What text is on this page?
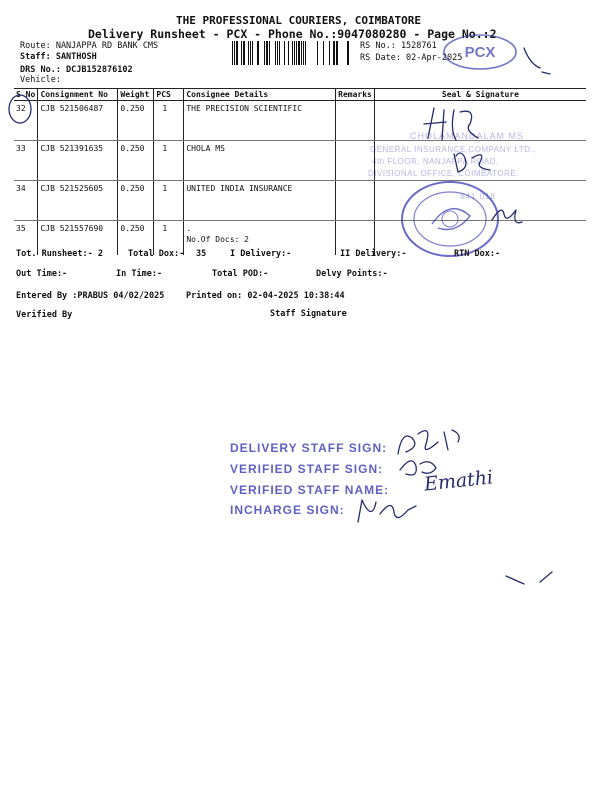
THE PROFESSIONAL COURIERS, COIMBATORE
Delivery Runsheet - PCX - Phone No.:9047080280 - Page No.:2
Route: NANJAPPA RD BANK CMS
Staff: SANTHOSH
DRS No.: DCJB152876102
Vehicle:
RS No.: 1528761
RS Date: 02-Apr-2025 PCX
S No	Consignment No	Weight	PCS	Consignee Details	Remarks	Seal & Signature
32	CJB 521506487	0.250	1	THE PRECISION SCIENTIFIC		
33	CJB 521391635	0.250	1	CHOLA MS		
34	CJB 521525605	0.250	1	UNITED INDIA INSURANCE		
35	CJB 521557690	0.250	1	.
No.Of Docs: 2		

CHOLAMANDALAM MS
GENERAL INSURANCE COMPANY LTD.,
4th FLOOR, NANJAPPA ROAD,
DIVISIONAL OFFICE, COIMBATORE.
641 018
Tot. Runsheet:- 2	Total Dox:- 35	I Delivery:-	II Delivery:-	RTN Dox:-
Out Time:-	In Time:-	Total POD:-	Delvy Points:-
Entered By :PRABUS 04/02/2025	Printed on: 02-04-2025 10:38:44
Verified By	Staff Signature
DELIVERY STAFF SIGN:
VERIFIED STAFF SIGN:
VERIFIED STAFF NAME:
INCHARGE SIGN:
Emathi
